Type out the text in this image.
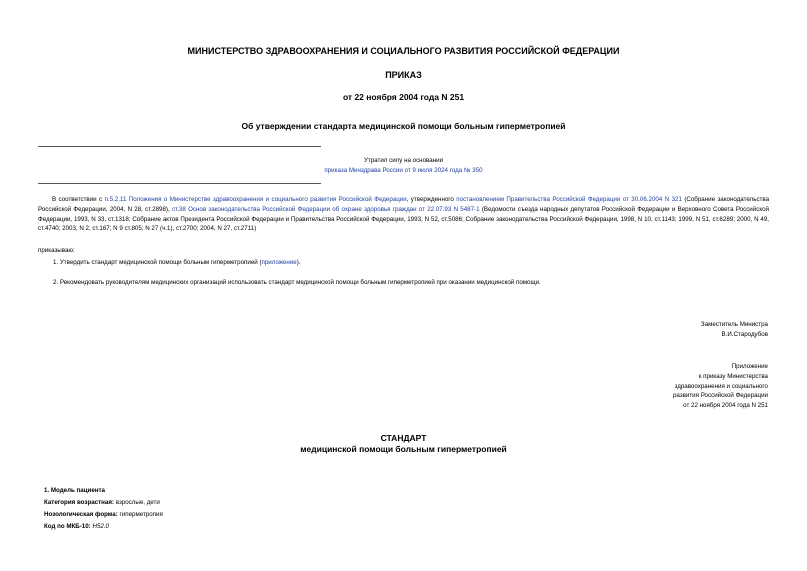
МИНИСТЕРСТВО ЗДРАВООХРАНЕНИЯ И СОЦИАЛЬНОГО РАЗВИТИЯ РОССИЙСКОЙ ФЕДЕРАЦИИ
ПРИКАЗ
от 22 ноября 2004 года N 251
Об утверждении стандарта медицинской помощи больным гиперметропией
Утратил силу на основании
приказа Минздрава России от 9 июля 2024 года № 350
В соответствии с п.5.2.11 Положения о Министерстве здравоохранения и социального развития Российской Федерации, утвержденного постановлением Правительства Российской Федерации от 30.06.2004 N 321 (Собрание законодательства Российской Федерации, 2004, N 28, ст.2898), ст.38 Основ законодательства Российской Федерации об охране здоровья граждан от 22.07.93 N 5487-1 (Ведомости съезда народных депутатов Российской Федерации и Верховного Совета Российской Федерации, 1993, N 33, ст.1318; Собрание актов Президента Российской Федерации и Правительства Российской Федерации, 1993, N 52, ст.5086; Собрание законодательства Российской Федерации, 1998, N 10, ст.1143; 1999, N 51, ст.6289; 2000, N 49, ст.4740; 2003, N 2, ст.167; N 9 ст.805; N 27 (ч.1), ст.2700; 2004, N 27, ст.2711)
приказываю:
1. Утвердить стандарт медицинской помощи больным гиперметропией (приложение).
2. Рекомендовать руководителям медицинских организаций использовать стандарт медицинской помощи больным гиперметропией при оказании медицинской помощи.
Заместитель Министра
В.И.Стародубов
Приложение
к приказу Министерства
здравоохранения и социального
развития Российской Федерации
от 22 ноября 2004 года N 251
СТАНДАРТ
медицинской помощи больным гиперметропией
1. Модель пациента
Категория возрастная: взрослые, дети
Нозологическая форма: гиперметропия
Код по МКБ-10: H52.0
